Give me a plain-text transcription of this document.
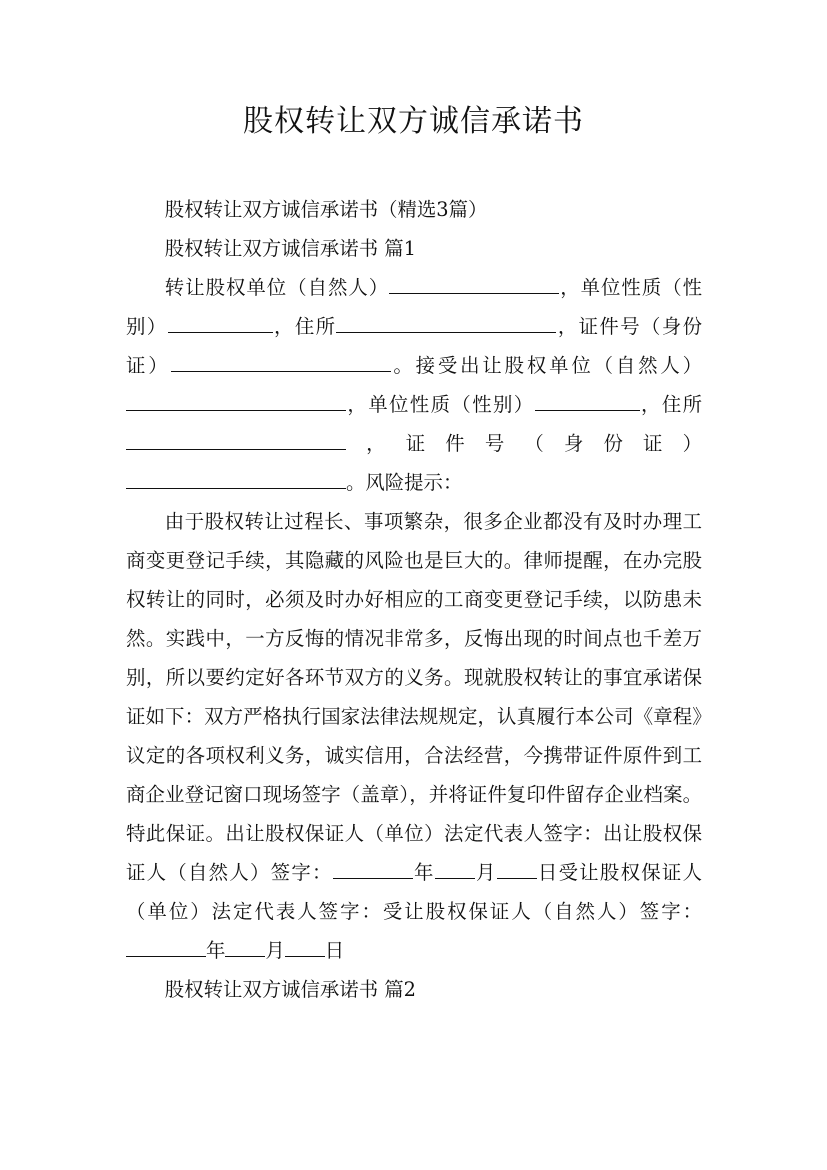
股权转让双方诚信承诺书

股权转让双方诚信承诺书（精选3篇）

股权转让双方诚信承诺书 篇1

转让股权单位（自然人）	，单位性质（性别）	，住所	，证件号（身份证）	。接受出让股权单位（自然人），单位性质（性别）	，住所，证件号（身份证）。风险提示：

由于股权转让过程长、事项繁杂，很多企业都没有及时办理工商变更登记手续，其隐藏的风险也是巨大的。律师提醒，在办完股权转让的同时，必须及时办好相应的工商变更登记手续，以防患未然。实践中，一方反悔的情况非常多，反悔出现的时间点也千差万别，所以要约定好各环节双方的义务。现就股权转让的事宜承诺保证如下：双方严格执行国家法律法规规定，认真履行本公司《章程》议定的各项权利义务，诚实信用，合法经营，今携带证件原件到工商企业登记窗口现场签字（盖章），并将证件复印件留存企业档案。特此保证。出让股权保证人（单位）法定代表人签字：出让股权保证人（自然人）签字：	年 月 日受让股权保证人（单位）法定代表人签字：受让股权保证人（自然人）签字：年 月 日

股权转让双方诚信承诺书 篇2
